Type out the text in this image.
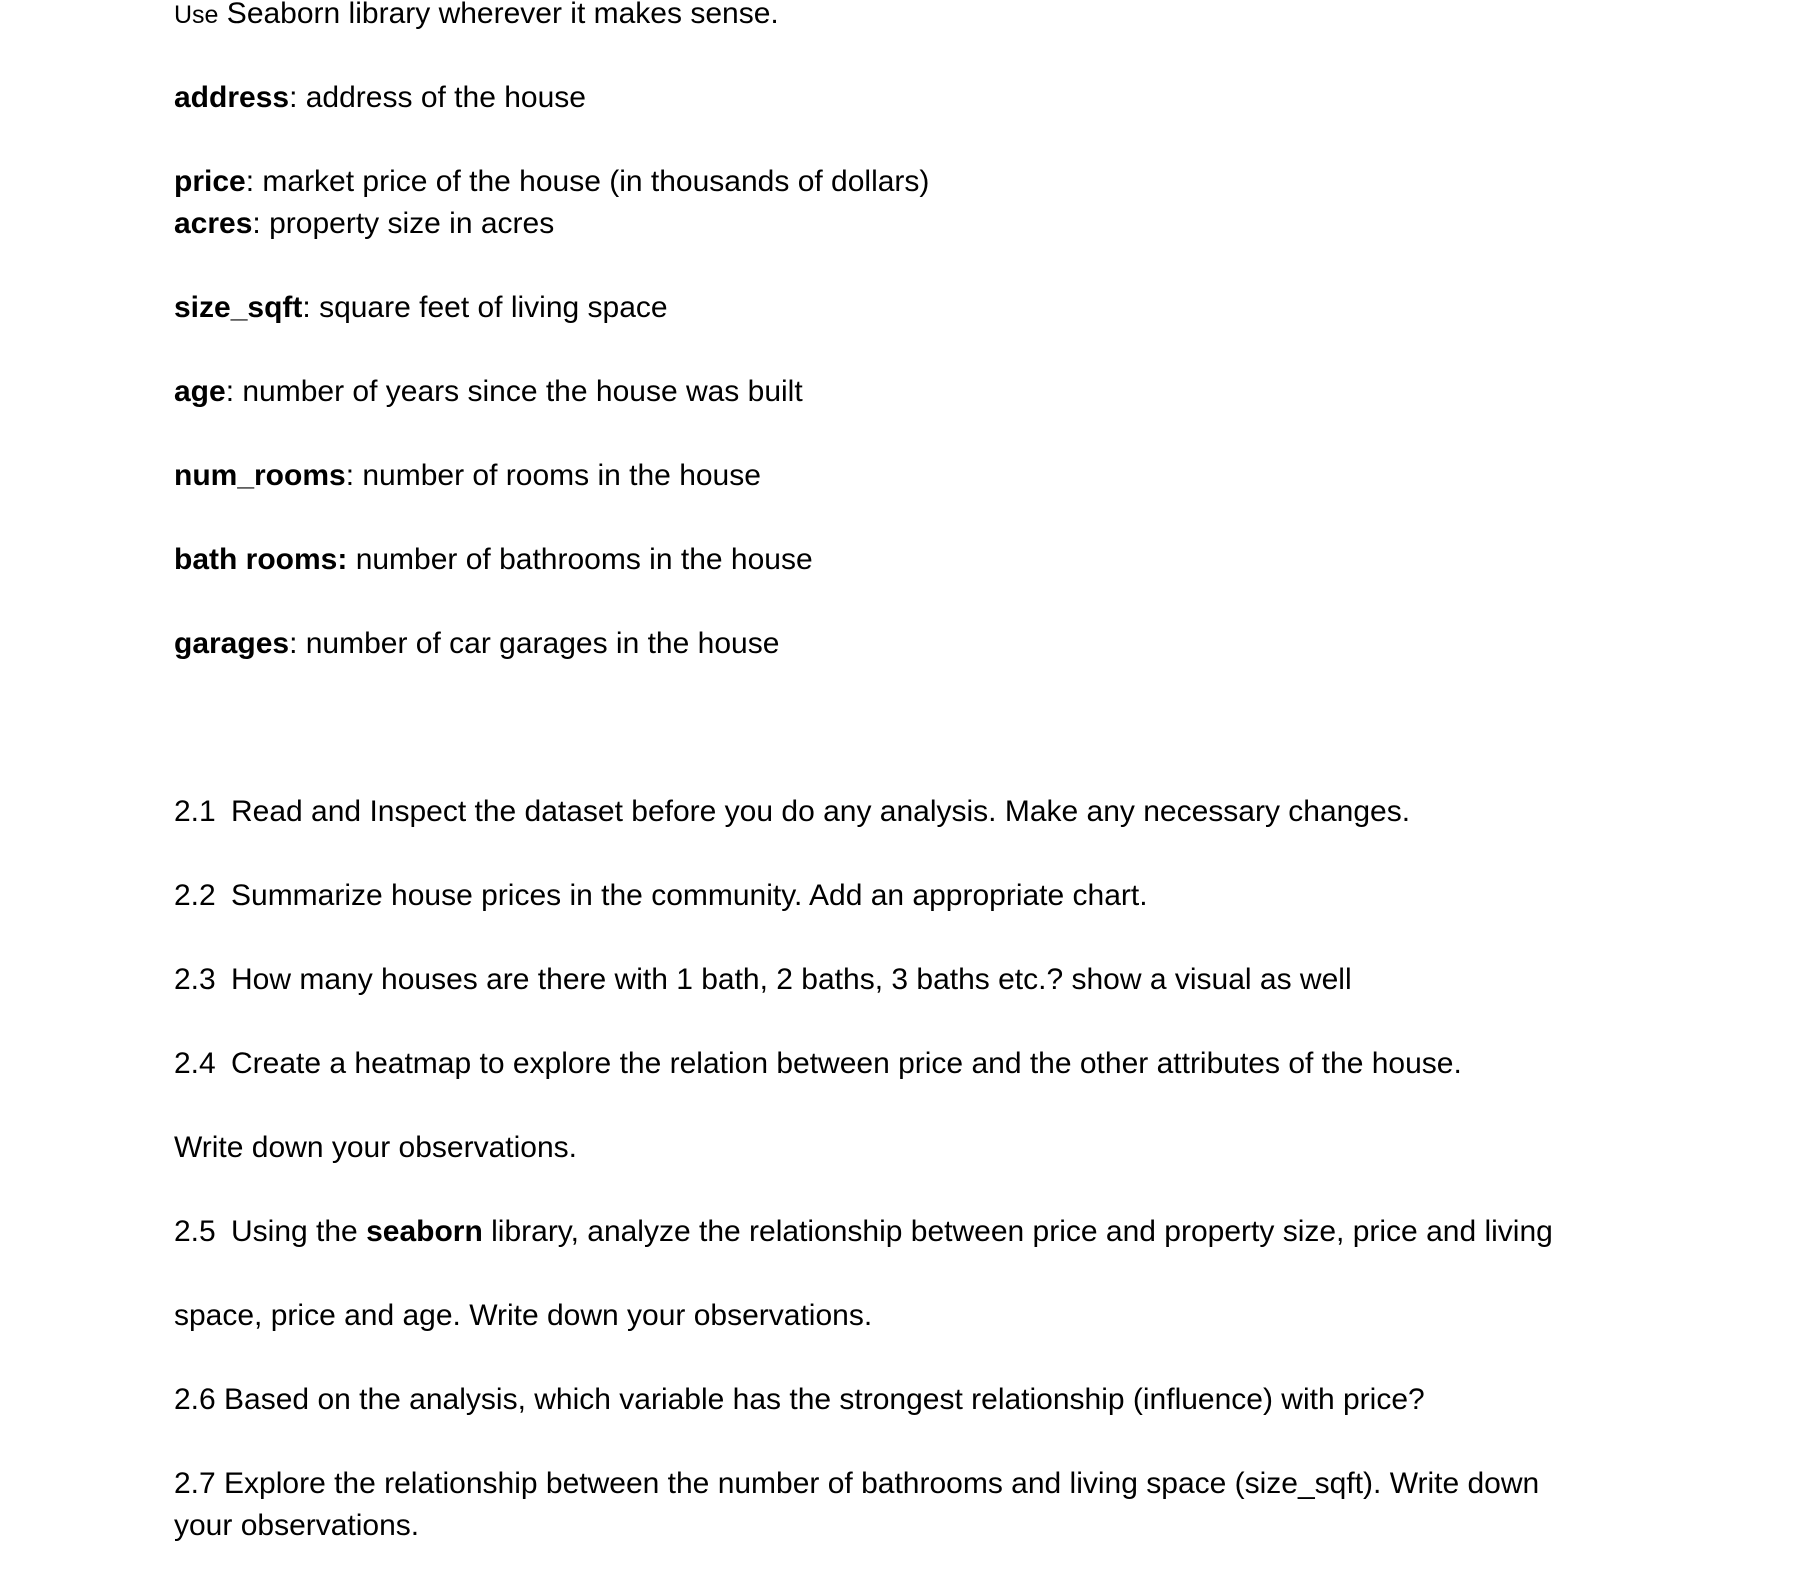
Use Seaborn library wherever it makes sense.
address: address of the house
price: market price of the house (in thousands of dollars)
acres: property size in acres
size_sqft: square feet of living space
age: number of years since the house was built
num_rooms: number of rooms in the house
bath rooms: number of bathrooms in the house
garages: number of car garages in the house
2.1 Read and Inspect the dataset before you do any analysis. Make any necessary changes.
2.2 Summarize house prices in the community. Add an appropriate chart.
2.3 How many houses are there with 1 bath, 2 baths, 3 baths etc.? show a visual as well
2.4 Create a heatmap to explore the relation between price and the other attributes of the house.
Write down your observations.
2.5 Using the seaborn library, analyze the relationship between price and property size, price and living
space, price and age. Write down your observations.
2.6 Based on the analysis, which variable has the strongest relationship (influence) with price?
2.7 Explore the relationship between the number of bathrooms and living space (size_sqft). Write down
your observations.
